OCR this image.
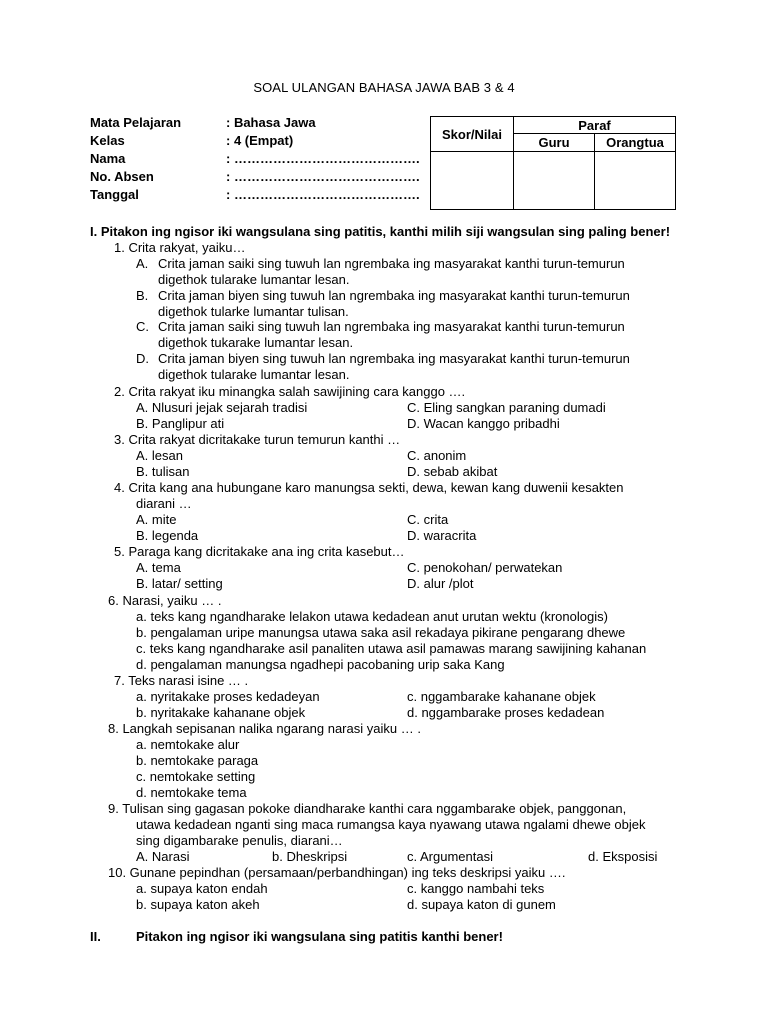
SOAL ULANGAN BAHASA JAWA BAB 3 & 4
Mata Pelajaran	: Bahasa Jawa
Kelas	: 4 (Empat)
Nama	: …………………………………….
No. Absen	: …………………………………….
Tanggal	: …………………………………….
Skor/Nilai	Paraf	
	Guru	Orangtua

I. Pitakon ing ngisor iki wangsulana sing patitis, kanthi milih siji wangsulan sing paling bener!
1. Crita rakyat, yaiku…
A. Crita jaman saiki sing tuwuh lan ngrembaka ing masyarakat kanthi turun-temurun
digethok tularake lumantar lesan.
B. Crita jaman biyen sing tuwuh lan ngrembaka ing masyarakat kanthi turun-temurun
digethok tularke lumantar tulisan.
C. Crita jaman saiki sing tuwuh lan ngrembaka ing masyarakat kanthi turun-temurun
digethok tukarake lumantar lesan.
D. Crita jaman biyen sing tuwuh lan ngrembaka ing masyarakat kanthi turun-temurun
digethok tularake lumantar lesan.
2. Crita rakyat iku minangka salah sawijining cara kanggo ….
A. Nlusuri jejak sejarah tradisi	C. Eling sangkan paraning dumadi
B. Panglipur ati	D. Wacan kanggo pribadhi
3. Crita rakyat dicritakake turun temurun kanthi …
A. lesan	C. anonim
B. tulisan	D. sebab akibat
4. Crita kang ana hubungane karo manungsa sekti, dewa, kewan kang duwenii kesakten
diarani …
A. mite	C. crita
B. legenda	D. waracrita
5. Paraga kang dicritakake ana ing crita kasebut…
A. tema	C. penokohan/ perwatekan
B. latar/ setting	D. alur /plot
6. Narasi, yaiku … .
a. teks kang ngandharake lelakon utawa kedadean anut urutan wektu (kronologis)
b. pengalaman uripe manungsa utawa saka asil rekadaya pikirane pengarang dhewe
c. teks kang ngandharake asil panaliten utawa asil pamawas marang sawijining kahanan
d. pengalaman manungsa ngadhepi pacobaning urip saka Kang
7. Teks narasi isine … .
a. nyritakake proses kedadeyan	c. nggambarake kahanane objek
b. nyritakake kahanane objek	d. nggambarake proses kedadean
8. Langkah sepisanan nalika ngarang narasi yaiku … .
a. nemtokake alur
b. nemtokake paraga
c. nemtokake setting
d. nemtokake tema
9. Tulisan sing gagasan pokoke diandharake kanthi cara nggambarake objek, panggonan,
utawa kedadean nganti sing maca rumangsa kaya nyawang utawa ngalami dhewe objek
sing digambarake penulis, diarani…
A. Narasi	b. Dheskripsi	c. Argumentasi	d. Eksposisi
10. Gunane pepindhan (persamaan/perbandhingan) ing teks deskripsi yaiku ….
a. supaya katon endah	c. kanggo nambahi teks
b. supaya katon akeh	d. supaya katon di gunem
II.	Pitakon ing ngisor iki wangsulana sing patitis kanthi bener!
